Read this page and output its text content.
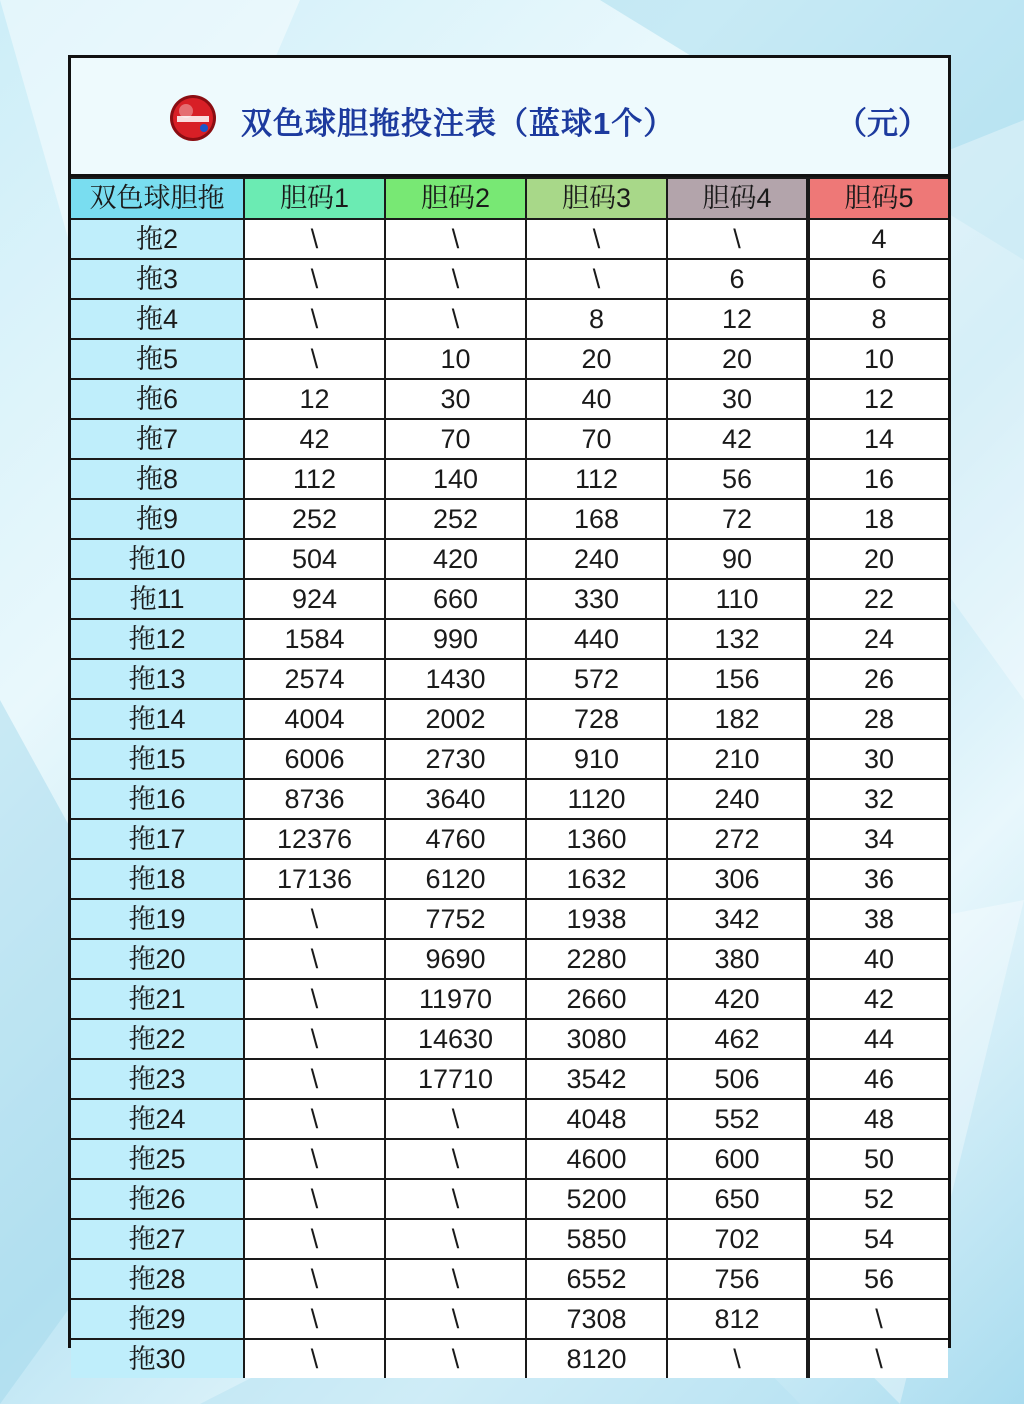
双色球胆拖投注表（蓝球1个）	（元）
双色球胆拖	胆码1	胆码2	胆码3	胆码4	胆码5
拖2	\	\	\	\	4
拖3	\	\	\	6	6
拖4	\	\	8	12	8
拖5	\	10	20	20	10
拖6	12	30	40	30	12
拖7	42	70	70	42	14
拖8	112	140	112	56	16
拖9	252	252	168	72	18
拖10	504	420	240	90	20
拖11	924	660	330	110	22
拖12	1584	990	440	132	24
拖13	2574	1430	572	156	26
拖14	4004	2002	728	182	28
拖15	6006	2730	910	210	30
拖16	8736	3640	1120	240	32
拖17	12376	4760	1360	272	34
拖18	17136	6120	1632	306	36
拖19	\	7752	1938	342	38
拖20	\	9690	2280	380	40
拖21	\	11970	2660	420	42
拖22	\	14630	3080	462	44
拖23	\	17710	3542	506	46
拖24	\	\	4048	552	48
拖25	\	\	4600	600	50
拖26	\	\	5200	650	52
拖27	\	\	5850	702	54
拖28	\	\	6552	756	56
拖29	\	\	7308	812	\
拖30	\	\	8120	\	\
